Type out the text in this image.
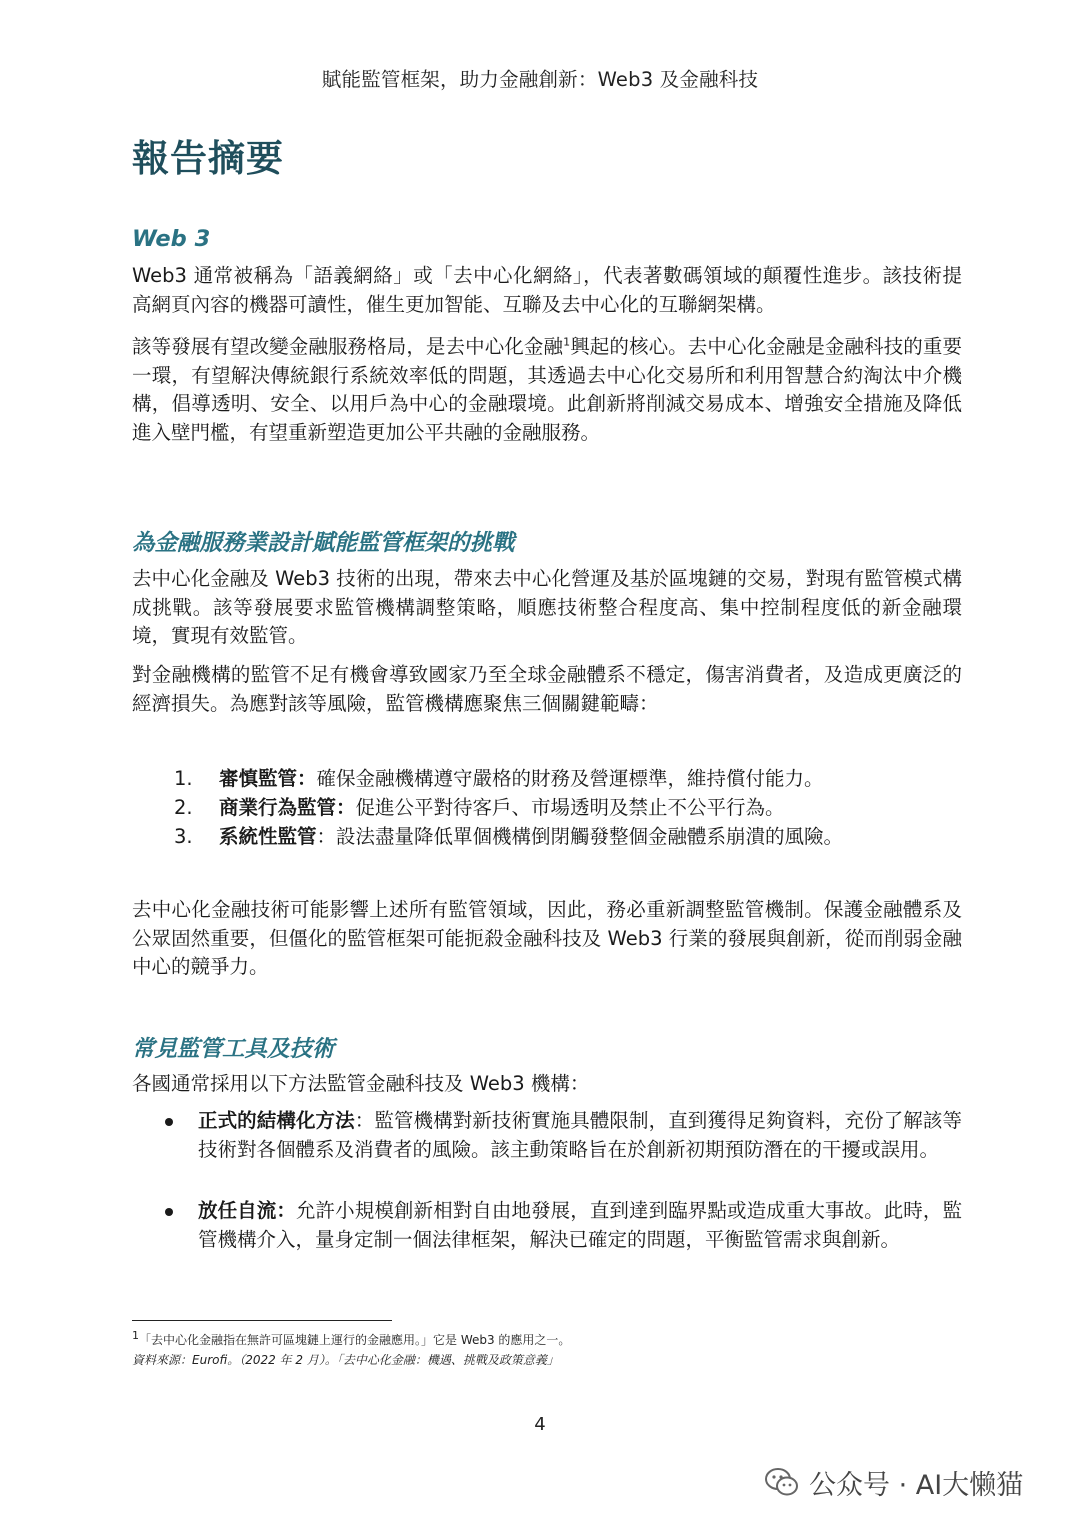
賦能監管框架，助力金融創新：Web3 及金融科技
報告摘要
Web 3
Web3 通常被稱為「語義網絡」或「去中心化網絡」，代表著數碼領域的顛覆性進步。該技術提高網頁內容的機器可讀性，催生更加智能、互聯及去中心化的互聯網架構。
該等發展有望改變金融服務格局，是去中心化金融$^1$興起的核心。去中心化金融是金融科技的重要一環，有望解決傳統銀行系統效率低的問題，其透過去中心化交易所和利用智慧合約淘汰中介機構，倡導透明、安全、以用戶為中心的金融環境。此創新將削減交易成本、增強安全措施及降低進入壁門檻，有望重新塑造更加公平共融的金融服務。
為金融服務業設計賦能監管框架的挑戰
去中心化金融及 Web3 技術的出現，帶來去中心化營運及基於區塊鏈的交易，對現有監管模式構成挑戰。該等發展要求監管機構調整策略，順應技術整合程度高、集中控制程度低的新金融環境，實現有效監管。
對金融機構的監管不足有機會導致國家乃至全球金融體系不穩定，傷害消費者，及造成更廣泛的經濟損失。為應對該等風險，監管機構應聚焦三個關鍵範疇：
1. 審慎監管：確保金融機構遵守嚴格的財務及營運標準，維持償付能力。
2. 商業行為監管：促進公平對待客戶、市場透明及禁止不公平行為。
3. 系統性監管：設法盡量降低單個機構倒閉觸發整個金融體系崩潰的風險。
去中心化金融技術可能影響上述所有監管領域，因此，務必重新調整監管機制。保護金融體系及公眾固然重要，但僵化的監管框架可能扼殺金融科技及 Web3 行業的發展與創新，從而削弱金融中心的競爭力。
常見監管工具及技術
各國通常採用以下方法監管金融科技及 Web3 機構：
正式的結構化方法：監管機構對新技術實施具體限制，直到獲得足夠資料，充份了解該等技術對各個體系及消費者的風險。該主動策略旨在於創新初期預防潛在的干擾或誤用。
放任自流：允許小規模創新相對自由地發展，直到達到臨界點或造成重大事故。此時，監管機構介入，量身定制一個法律框架，解決已確定的問題，平衡監管需求與創新。
$^1$「去中心化金融指在無許可區塊鏈上運行的金融應用。」它是 Web3 的應用之一。
資料來源：Eurofi。（2022 年 2 月）。「去中心化金融：機遇、挑戰及政策意義」
4
公众号 · AI大懒猫
